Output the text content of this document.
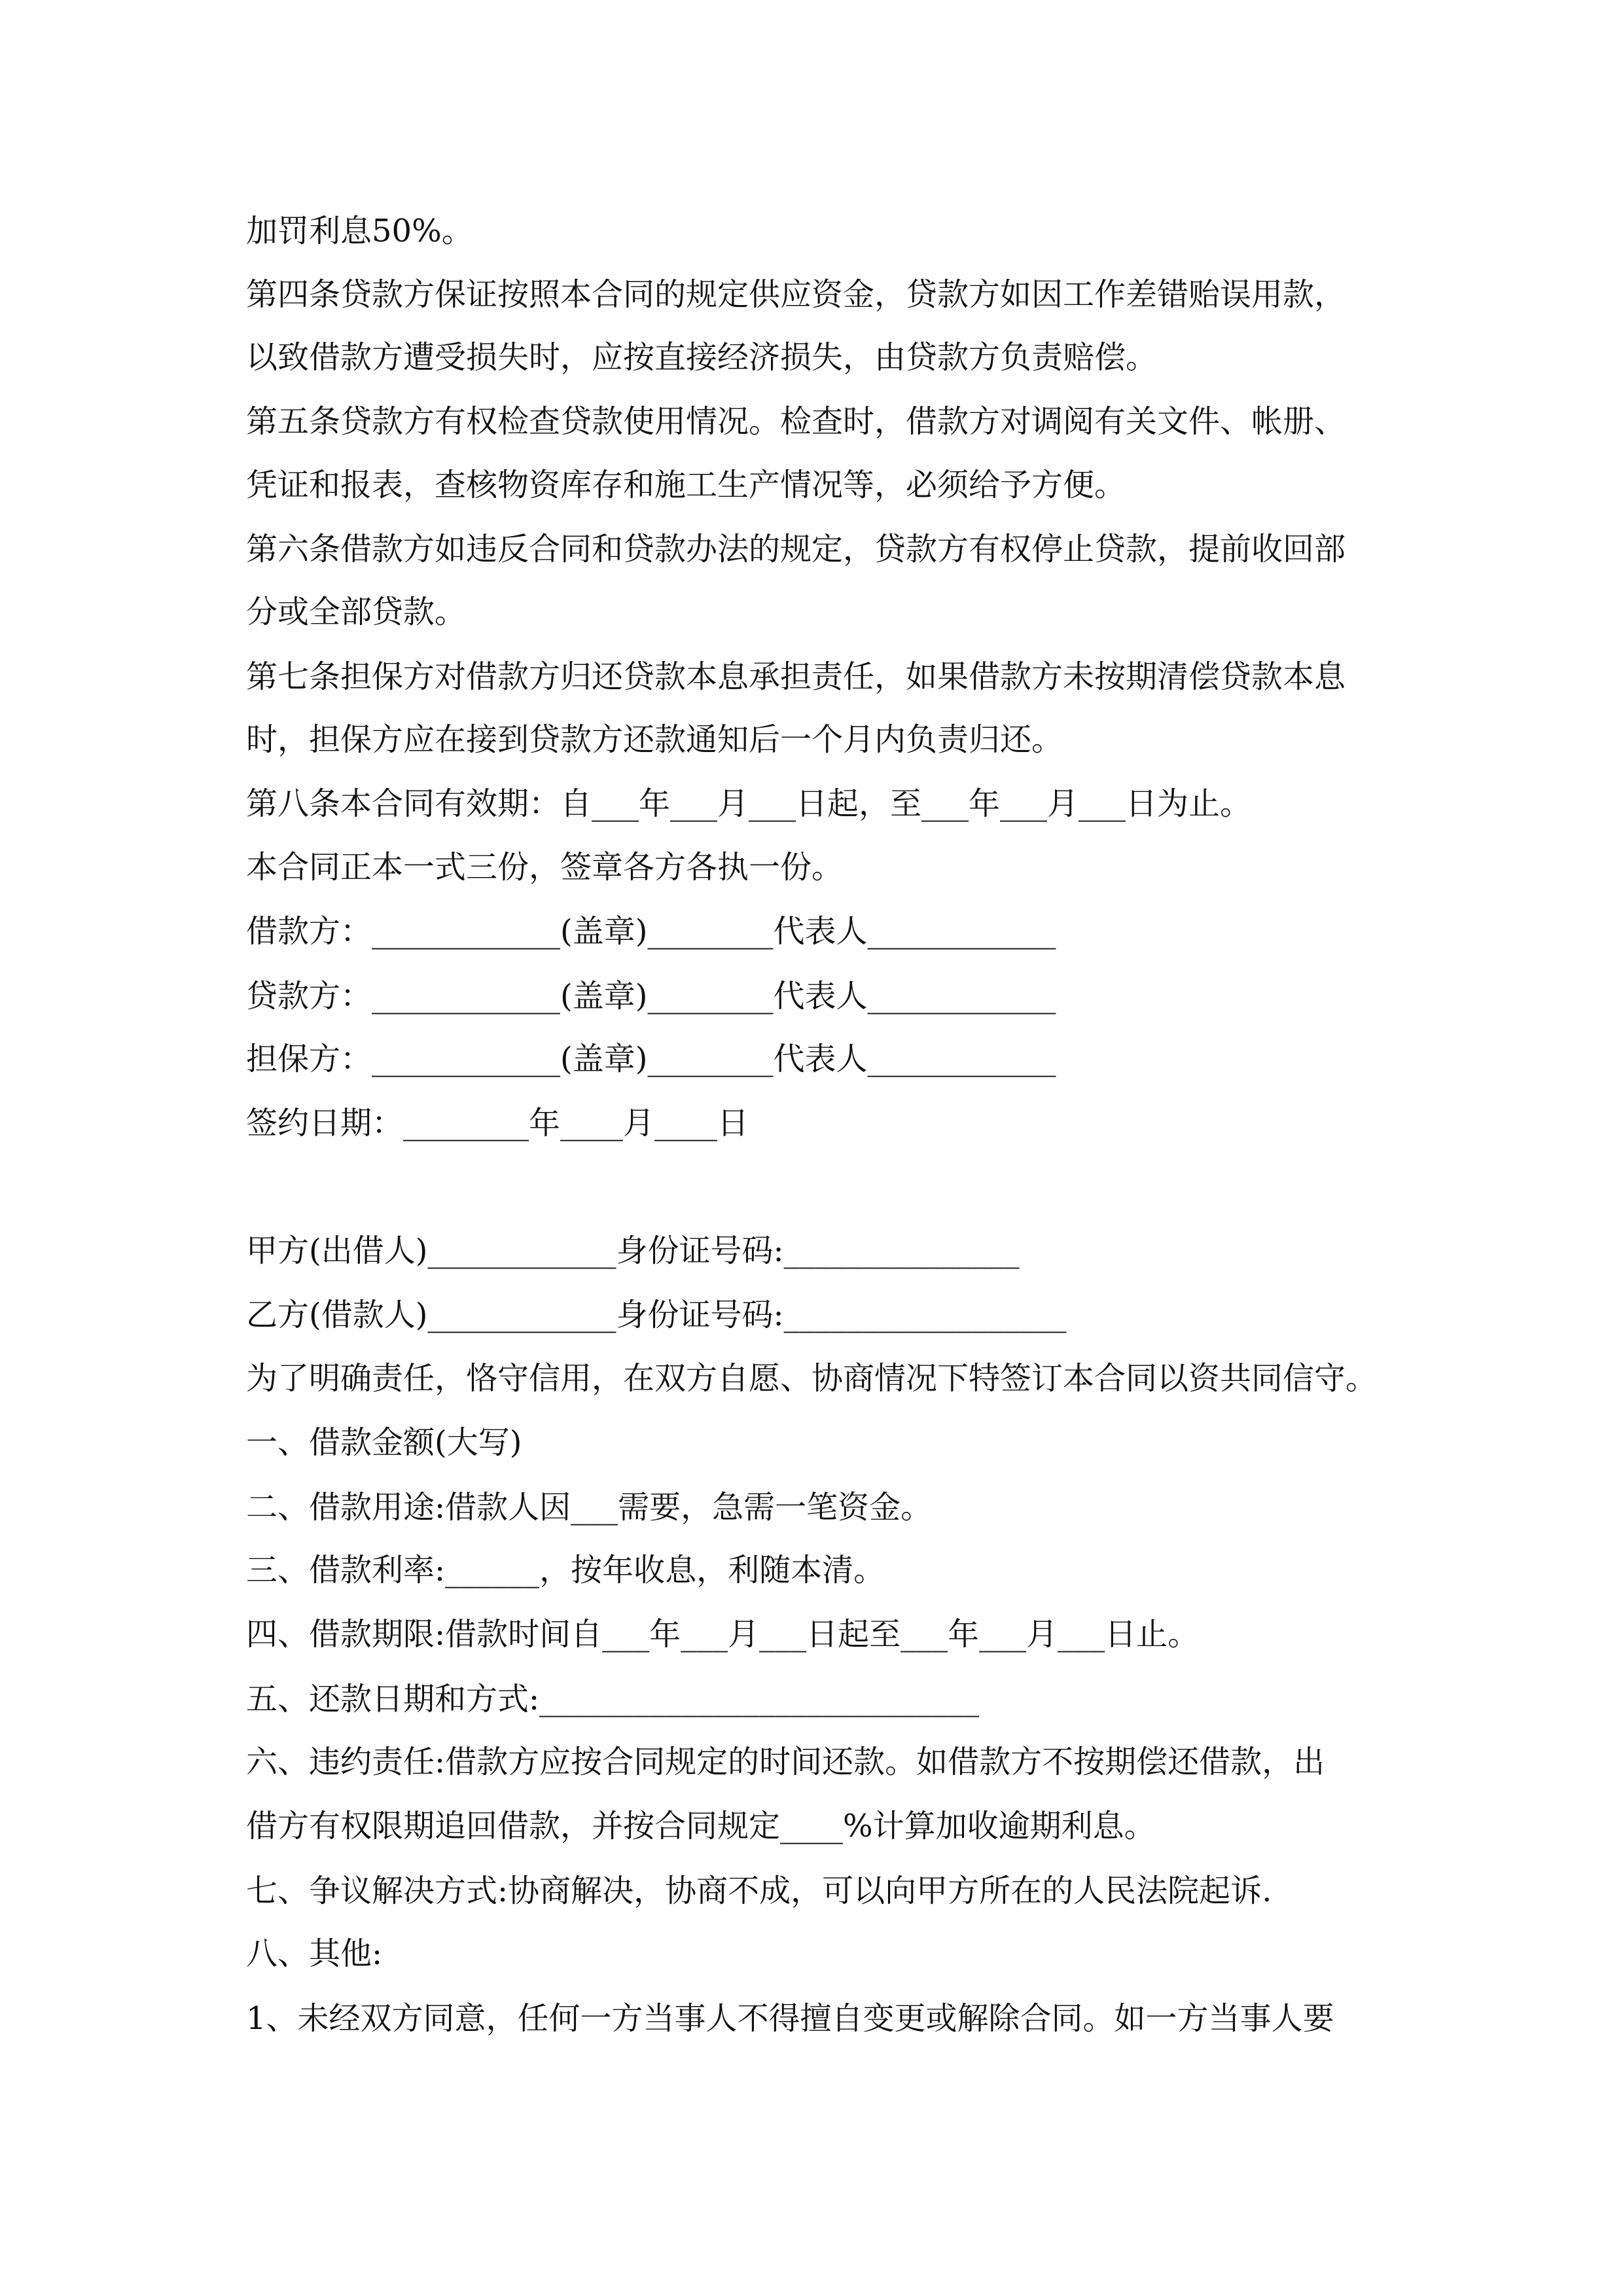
加罚利息50%。
第四条贷款方保证按照本合同的规定供应资金，贷款方如因工作差错贻误用款，
以致借款方遭受损失时，应按直接经济损失，由贷款方负责赔偿。
第五条贷款方有权检查贷款使用情况。检查时，借款方对调阅有关文件、帐册、
凭证和报表，查核物资库存和施工生产情况等，必须给予方便。
第六条借款方如违反合同和贷款办法的规定，贷款方有权停止贷款，提前收回部
分或全部贷款。
第七条担保方对借款方归还贷款本息承担责任，如果借款方未按期清偿贷款本息
时，担保方应在接到贷款方还款通知后一个月内负责归还。
第八条本合同有效期：自___年___月___日起，至___年___月___日为止。
本合同正本一式三份，签章各方各执一份。
借款方：____________(盖章)________代表人____________
贷款方：____________(盖章)________代表人____________
担保方：____________(盖章)________代表人____________
签约日期：________年____月____日
甲方(出借人)____________身份证号码:_______________
乙方(借款人)____________身份证号码:__________________
为了明确责任，恪守信用，在双方自愿、协商情况下特签订本合同以资共同信守。
一、借款金额(大写)
二、借款用途:借款人因___需要，急需一笔资金。
三、借款利率:______，按年收息，利随本清。
四、借款期限:借款时间自___年___月___日起至___年___月___日止。
五、还款日期和方式:____________________________
六、违约责任:借款方应按合同规定的时间还款。如借款方不按期偿还借款，出
借方有权限期追回借款，并按合同规定____%计算加收逾期利息。
七、争议解决方式:协商解决，协商不成，可以向甲方所在的人民法院起诉.
八、其他:
1、未经双方同意，任何一方当事人不得擅自变更或解除合同。如一方当事人要
